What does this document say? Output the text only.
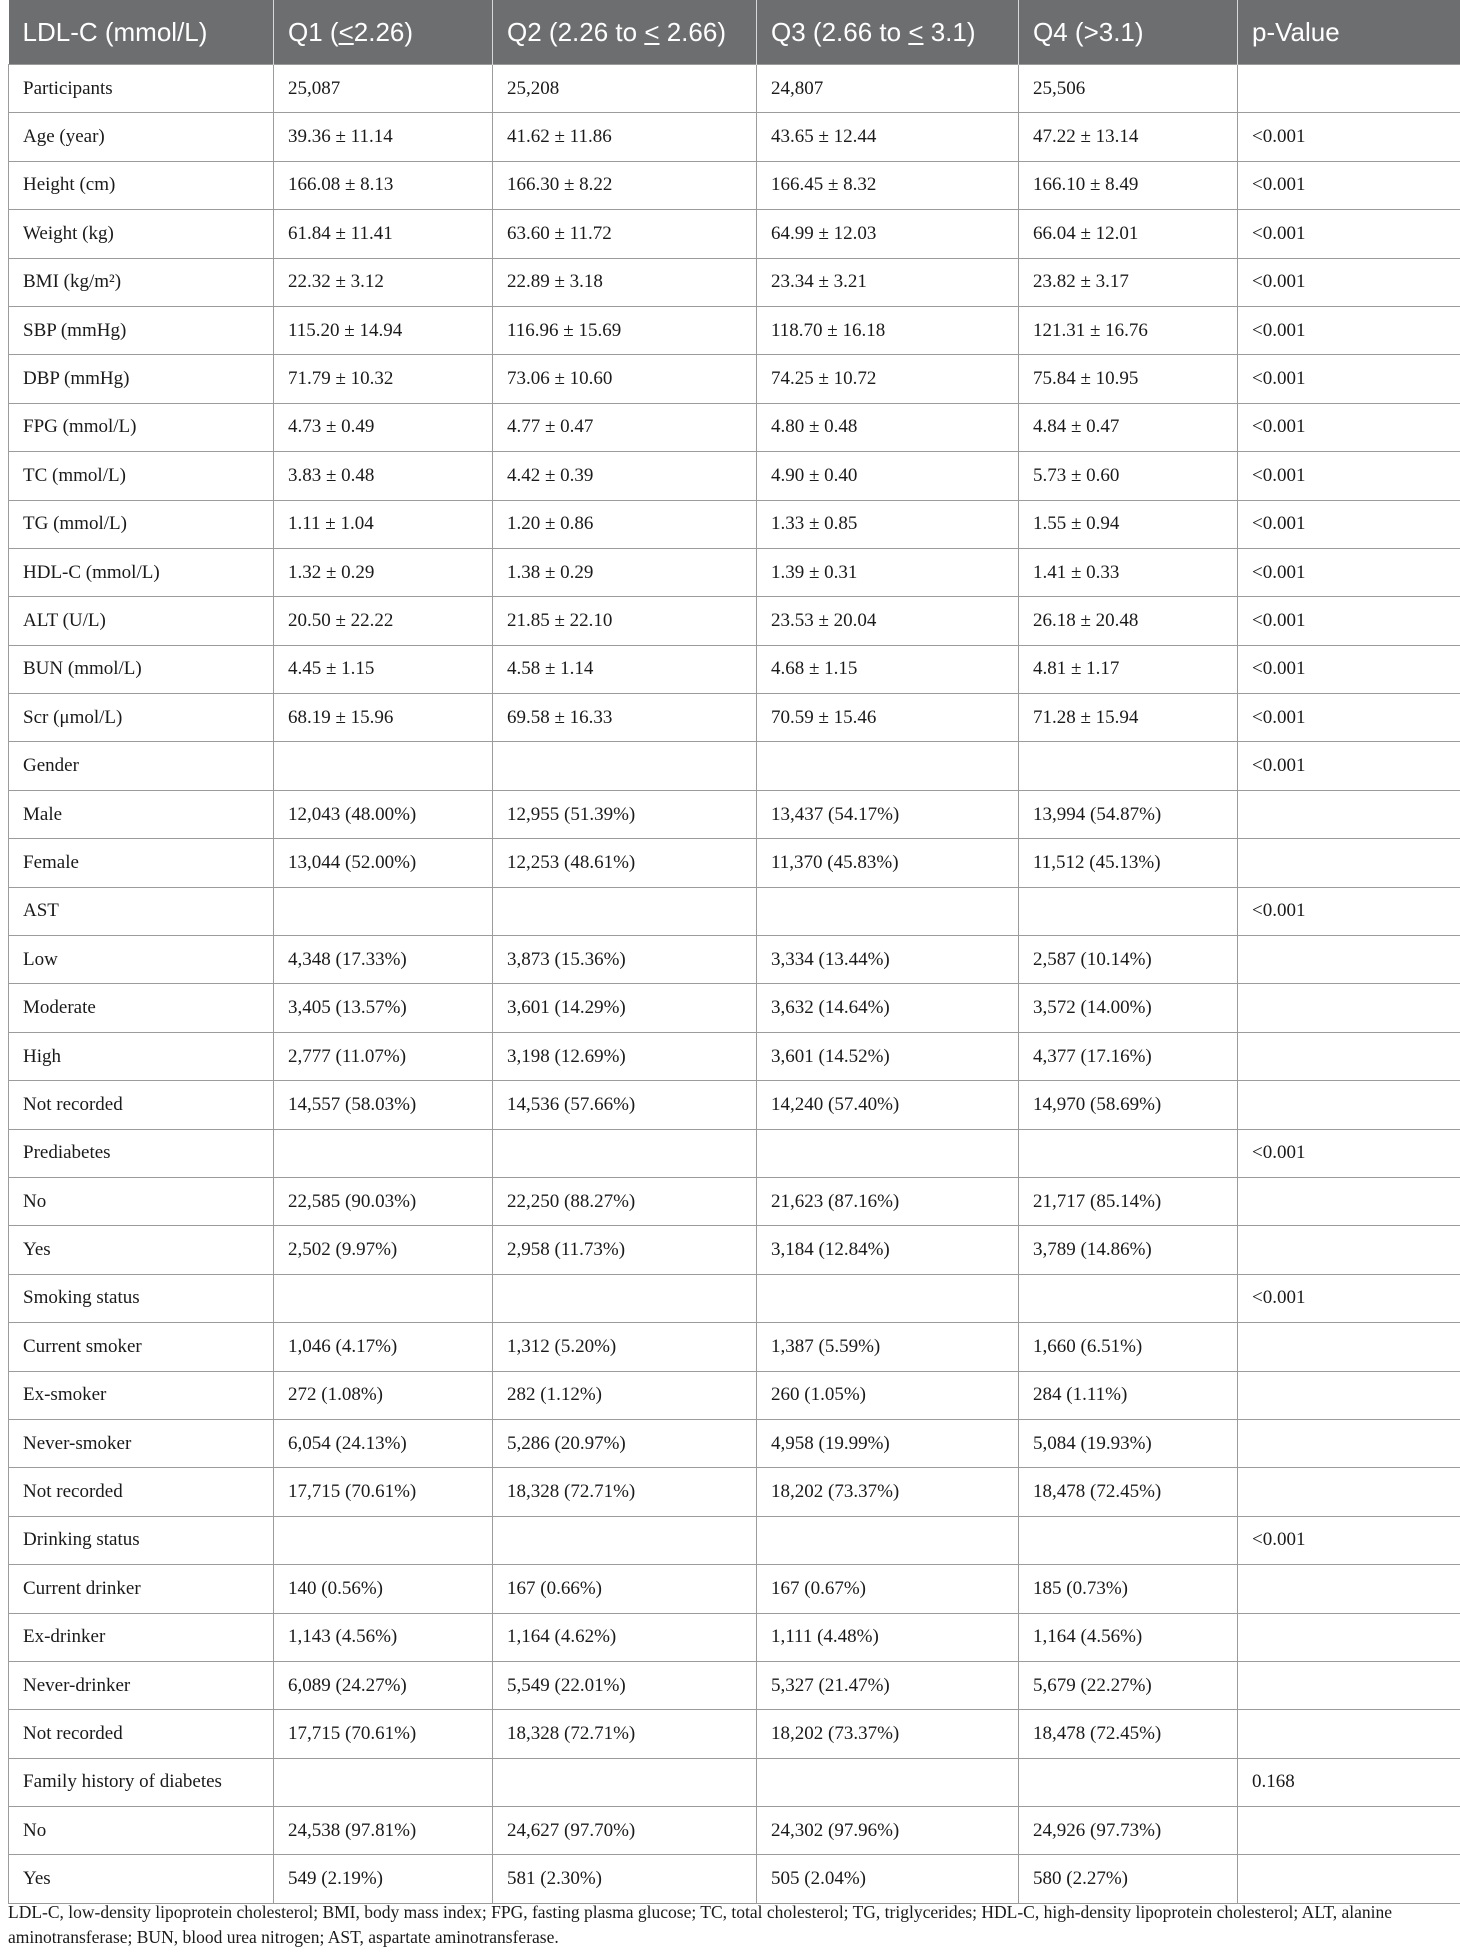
LDL-C (mmol/L)	Q1 (<2.26)	Q2 (2.26 to < 2.66)	Q3 (2.66 to < 3.1)	Q4 (>3.1)	p-Value
Participants	25,087	25,208	24,807	25,506	
Age (year)	39.36 ± 11.14	41.62 ± 11.86	43.65 ± 12.44	47.22 ± 13.14	<0.001
Height (cm)	166.08 ± 8.13	166.30 ± 8.22	166.45 ± 8.32	166.10 ± 8.49	<0.001
Weight (kg)	61.84 ± 11.41	63.60 ± 11.72	64.99 ± 12.03	66.04 ± 12.01	<0.001
BMI (kg/m²)	22.32 ± 3.12	22.89 ± 3.18	23.34 ± 3.21	23.82 ± 3.17	<0.001
SBP (mmHg)	115.20 ± 14.94	116.96 ± 15.69	118.70 ± 16.18	121.31 ± 16.76	<0.001
DBP (mmHg)	71.79 ± 10.32	73.06 ± 10.60	74.25 ± 10.72	75.84 ± 10.95	<0.001
FPG (mmol/L)	4.73 ± 0.49	4.77 ± 0.47	4.80 ± 0.48	4.84 ± 0.47	<0.001
TC (mmol/L)	3.83 ± 0.48	4.42 ± 0.39	4.90 ± 0.40	5.73 ± 0.60	<0.001
TG (mmol/L)	1.11 ± 1.04	1.20 ± 0.86	1.33 ± 0.85	1.55 ± 0.94	<0.001
HDL-C (mmol/L)	1.32 ± 0.29	1.38 ± 0.29	1.39 ± 0.31	1.41 ± 0.33	<0.001
ALT (U/L)	20.50 ± 22.22	21.85 ± 22.10	23.53 ± 20.04	26.18 ± 20.48	<0.001
BUN (mmol/L)	4.45 ± 1.15	4.58 ± 1.14	4.68 ± 1.15	4.81 ± 1.17	<0.001
Scr (μmol/L)	68.19 ± 15.96	69.58 ± 16.33	70.59 ± 15.46	71.28 ± 15.94	<0.001
Gender					<0.001
Male	12,043 (48.00%)	12,955 (51.39%)	13,437 (54.17%)	13,994 (54.87%)	
Female	13,044 (52.00%)	12,253 (48.61%)	11,370 (45.83%)	11,512 (45.13%)	
AST					<0.001
Low	4,348 (17.33%)	3,873 (15.36%)	3,334 (13.44%)	2,587 (10.14%)	
Moderate	3,405 (13.57%)	3,601 (14.29%)	3,632 (14.64%)	3,572 (14.00%)	
High	2,777 (11.07%)	3,198 (12.69%)	3,601 (14.52%)	4,377 (17.16%)	
Not recorded	14,557 (58.03%)	14,536 (57.66%)	14,240 (57.40%)	14,970 (58.69%)	
Prediabetes					<0.001
No	22,585 (90.03%)	22,250 (88.27%)	21,623 (87.16%)	21,717 (85.14%)	
Yes	2,502 (9.97%)	2,958 (11.73%)	3,184 (12.84%)	3,789 (14.86%)	
Smoking status					<0.001
Current smoker	1,046 (4.17%)	1,312 (5.20%)	1,387 (5.59%)	1,660 (6.51%)	
Ex-smoker	272 (1.08%)	282 (1.12%)	260 (1.05%)	284 (1.11%)	
Never-smoker	6,054 (24.13%)	5,286 (20.97%)	4,958 (19.99%)	5,084 (19.93%)	
Not recorded	17,715 (70.61%)	18,328 (72.71%)	18,202 (73.37%)	18,478 (72.45%)	
Drinking status					<0.001
Current drinker	140 (0.56%)	167 (0.66%)	167 (0.67%)	185 (0.73%)	
Ex-drinker	1,143 (4.56%)	1,164 (4.62%)	1,111 (4.48%)	1,164 (4.56%)	
Never-drinker	6,089 (24.27%)	5,549 (22.01%)	5,327 (21.47%)	5,679 (22.27%)	
Not recorded	17,715 (70.61%)	18,328 (72.71%)	18,202 (73.37%)	18,478 (72.45%)	
Family history of diabetes					0.168
No	24,538 (97.81%)	24,627 (97.70%)	24,302 (97.96%)	24,926 (97.73%)	
Yes	549 (2.19%)	581 (2.30%)	505 (2.04%)	580 (2.27%)	
LDL-C, low-density lipoprotein cholesterol; BMI, body mass index; FPG, fasting plasma glucose; TC, total cholesterol; TG, triglycerides; HDL-C, high-density lipoprotein cholesterol; ALT, alanine aminotransferase; BUN, blood urea nitrogen; AST, aspartate aminotransferase.
